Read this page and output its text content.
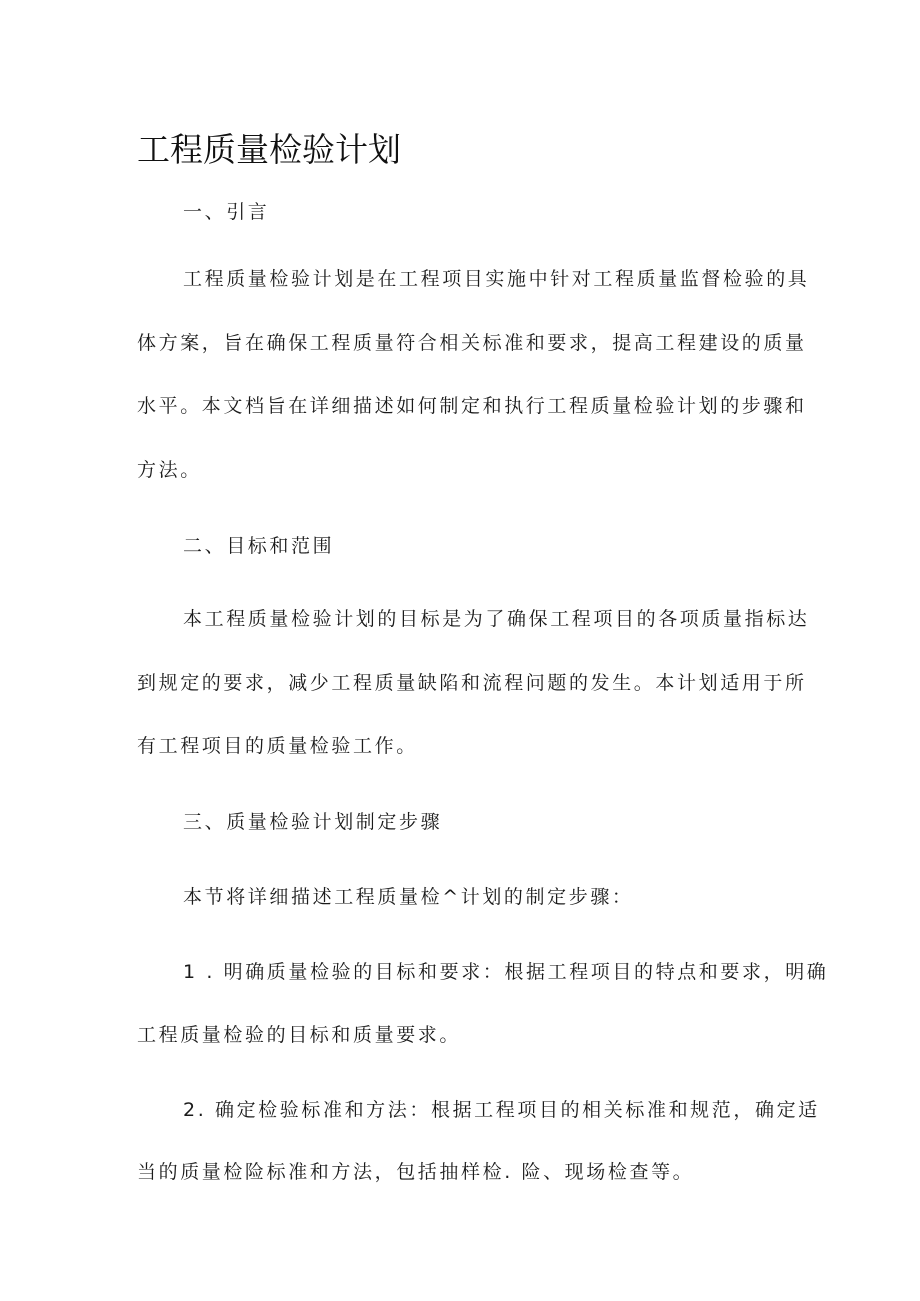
工程质量检验计划
一、引言
工程质量检验计划是在工程项目实施中针对工程质量监督检验的具
体方案，旨在确保工程质量符合相关标准和要求，提高工程建设的质量
水平。本文档旨在详细描述如何制定和执行工程质量检验计划的步骤和
方法。
二、目标和范围
本工程质量检验计划的目标是为了确保工程项目的各项质量指标达
到规定的要求，减少工程质量缺陷和流程问题的发生。本计划适用于所
有工程项目的质量检验工作。
三、质量检验计划制定步骤
本节将详细描述工程质量检^计划的制定步骤：
1 . 明确质量检验的目标和要求：根据工程项目的特点和要求，明确
工程质量检验的目标和质量要求。
2. 确定检验标准和方法：根据工程项目的相关标准和规范，确定适
当的质量检险标准和方法，包括抽样检. 险、现场检查等。
